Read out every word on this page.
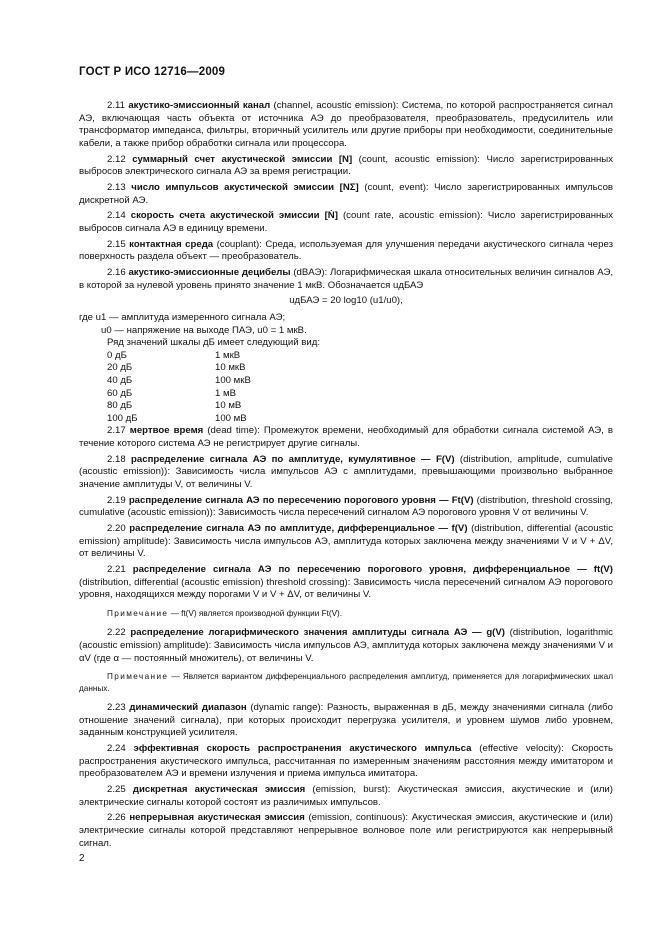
ГОСТ Р ИСО 12716—2009
2.11 акустико-эмиссионный канал (channel, acoustic emission): Система, по которой распространяется сигнал АЭ, включающая часть объекта от источника АЭ до преобразователя, преобразователь, предусилитель или трансформатор импеданса, фильтры, вторичный усилитель или другие приборы при необходимости, соединительные кабели, а также прибор обработки сигнала или процессора.
2.12 суммарный счет акустической эмиссии [N] (count, acoustic emission): Число зарегистрированных выбросов электрического сигнала АЭ за время регистрации.
2.13 число импульсов акустической эмиссии [NΣ] (count, event): Число зарегистрированных импульсов дискретной АЭ.
2.14 скорость счета акустической эмиссии [Ṅ] (count rate, acoustic emission): Число зарегистрированных выбросов сигнала АЭ в единицу времени.
2.15 контактная среда (couplant): Среда, используемая для улучшения передачи акустического сигнала через поверхность раздела объект — преобразователь.
2.16 акустико-эмиссионные децибелы (dBАЭ): Логарифмическая шкала относительных величин сигналов АЭ, в которой за нулевой уровень принято значение 1 мкВ. Обозначается uдБАЭ
uдБАЭ = 20 log10 (u1/u0),
где u1 — амплитуда измеренного сигнала АЭ;
u0 — напряжение на выходе ПАЭ, u0 = 1 мкВ.
Ряд значений шкалы дБ имеет следующий вид:
0 дБ	1 мкВ
20 дБ	10 мкВ
40 дБ	100 мкВ
60 дБ	1 мВ
80 дБ	10 мВ
100 дБ	100 мВ
2.17 мертвое время (dead time): Промежуток времени, необходимый для обработки сигнала системой АЭ, в течение которого система АЭ не регистрирует другие сигналы.
2.18 распределение сигнала АЭ по амплитуде, кумулятивное — F(V) (distribution, amplitude, cumulative (acoustic emission)): Зависимость числа импульсов АЭ с амплитудами, превышающими произвольно выбранное значение амплитуды V, от величины V.
2.19 распределение сигнала АЭ по пересечению порогового уровня — Ft(V) (distribution, threshold crossing, cumulative (acoustic emission)): Зависимость числа пересечений сигналом АЭ порогового уровня V от величины V.
2.20 распределение сигнала АЭ по амплитуде, дифференциальное — f(V) (distribution, differential (acoustic emission) amplitude): Зависимость числа импульсов АЭ, амплитуда которых заключена между значениями V и V + ΔV, от величины V.
2.21 распределение сигнала АЭ по пересечению порогового уровня, дифференциальное — ft(V) (distribution, differential (acoustic emission) threshold crossing): Зависимость числа пересечений сигналом АЭ порогового уровня, находящихся между порогами V и V + ΔV, от величины V.
Примечание — ft(V) является производной функции Ft(V).
2.22 распределение логарифмического значения амплитуды сигнала АЭ — g(V) (distribution, logarithmic (acoustic emission) amplitude): Зависимость числа импульсов АЭ, амплитуда которых заключена между значениями V и αV (где α — постоянный множитель), от величины V.
Примечание — Является вариантом дифференциального распределения амплитуд, применяется для логарифмических шкал данных.
2.23 динамический диапазон (dynamic range): Разность, выраженная в дБ, между значениями сигнала (либо отношение значений сигнала), при которых происходит перегрузка усилителя, и уровнем шумов либо уровнем, заданным конструкцией усилителя.
2.24 эффективная скорость распространения акустического импульса (effective velocity): Скорость распространения акустического импульса, рассчитанная по измеренным значениям расстояния между имитатором и преобразователем АЭ и времени излучения и приема импульса имитатора.
2.25 дискретная акустическая эмиссия (emission, burst): Акустическая эмиссия, акустические и (или) электрические сигналы которой состоят из различимых импульсов.
2.26 непрерывная акустическая эмиссия (emission, continuous): Акустическая эмиссия, акустические и (или) электрические сигналы которой представляют непрерывное волновое поле или регистрируются как непрерывный сигнал.
2
